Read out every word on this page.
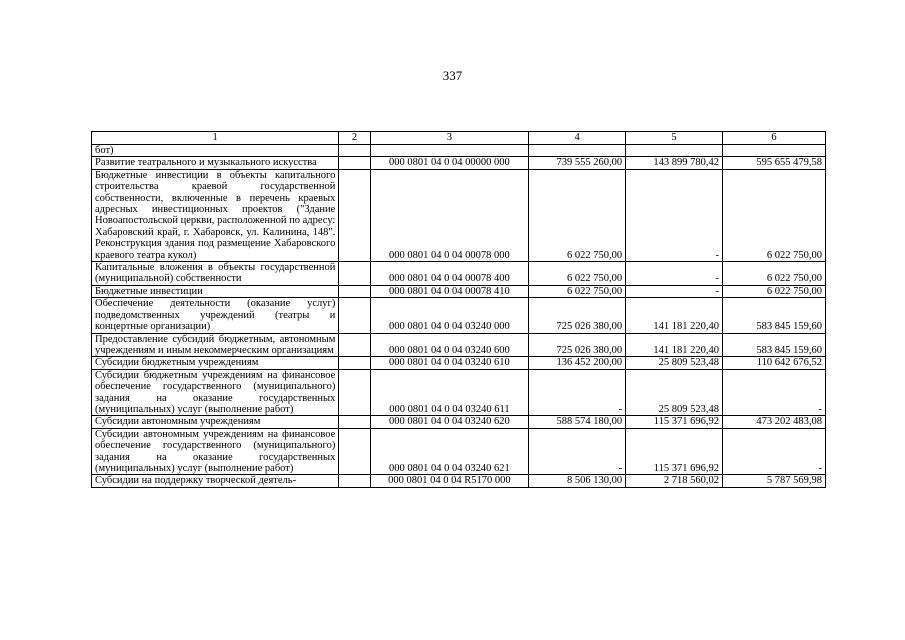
337
1	2	3	4	5	6
бот)					
Развитие театрального и музыкального искусства		000 0801 04 0 04 00000 000	739 555 260,00	143 899 780,42	595 655 479,58
Бюджетные инвестиции в объекты капитального строительства краевой государственной собственности, включенные в перечень краевых адресных инвестиционных проектов ("Здание Новоапостольской церкви, расположенной по адресу: Хабаровский край, г. Хабаровск, ул. Калинина, 148". Реконструкция здания под размещение Хабаровского краевого театра кукол)		000 0801 04 0 04 00078 000	6 022 750,00	-	6 022 750,00
Капитальные вложения в объекты государственной (муниципальной) собственности		000 0801 04 0 04 00078 400	6 022 750,00	-	6 022 750,00
Бюджетные инвестиции		000 0801 04 0 04 00078 410	6 022 750,00	-	6 022 750,00
Обеспечение деятельности (оказание услуг) подведомственных учреждений (театры и концертные организации)		000 0801 04 0 04 03240 000	725 026 380,00	141 181 220,40	583 845 159,60
Предоставление субсидий бюджетным, автономным учреждениям и иным некоммерческим организациям		000 0801 04 0 04 03240 600	725 026 380,00	141 181 220,40	583 845 159,60
Субсидии бюджетным учреждениям		000 0801 04 0 04 03240 610	136 452 200,00	25 809 523,48	110 642 676,52
Субсидии бюджетным учреждениям на финансовое обеспечение государственного (муниципального) задания на оказание государственных (муниципальных) услуг (выполнение работ)		000 0801 04 0 04 03240 611	-	25 809 523,48	-
Субсидии автономным учреждениям		000 0801 04 0 04 03240 620	588 574 180,00	115 371 696,92	473 202 483,08
Субсидии автономным учреждениям на финансовое обеспечение государственного (муниципального) задания на оказание государственных (муниципальных) услуг (выполнение работ)		000 0801 04 0 04 03240 621	-	115 371 696,92	-
Субсидии на поддержку творческой деятель-		000 0801 04 0 04 R5170 000	8 506 130,00	2 718 560,02	5 787 569,98
